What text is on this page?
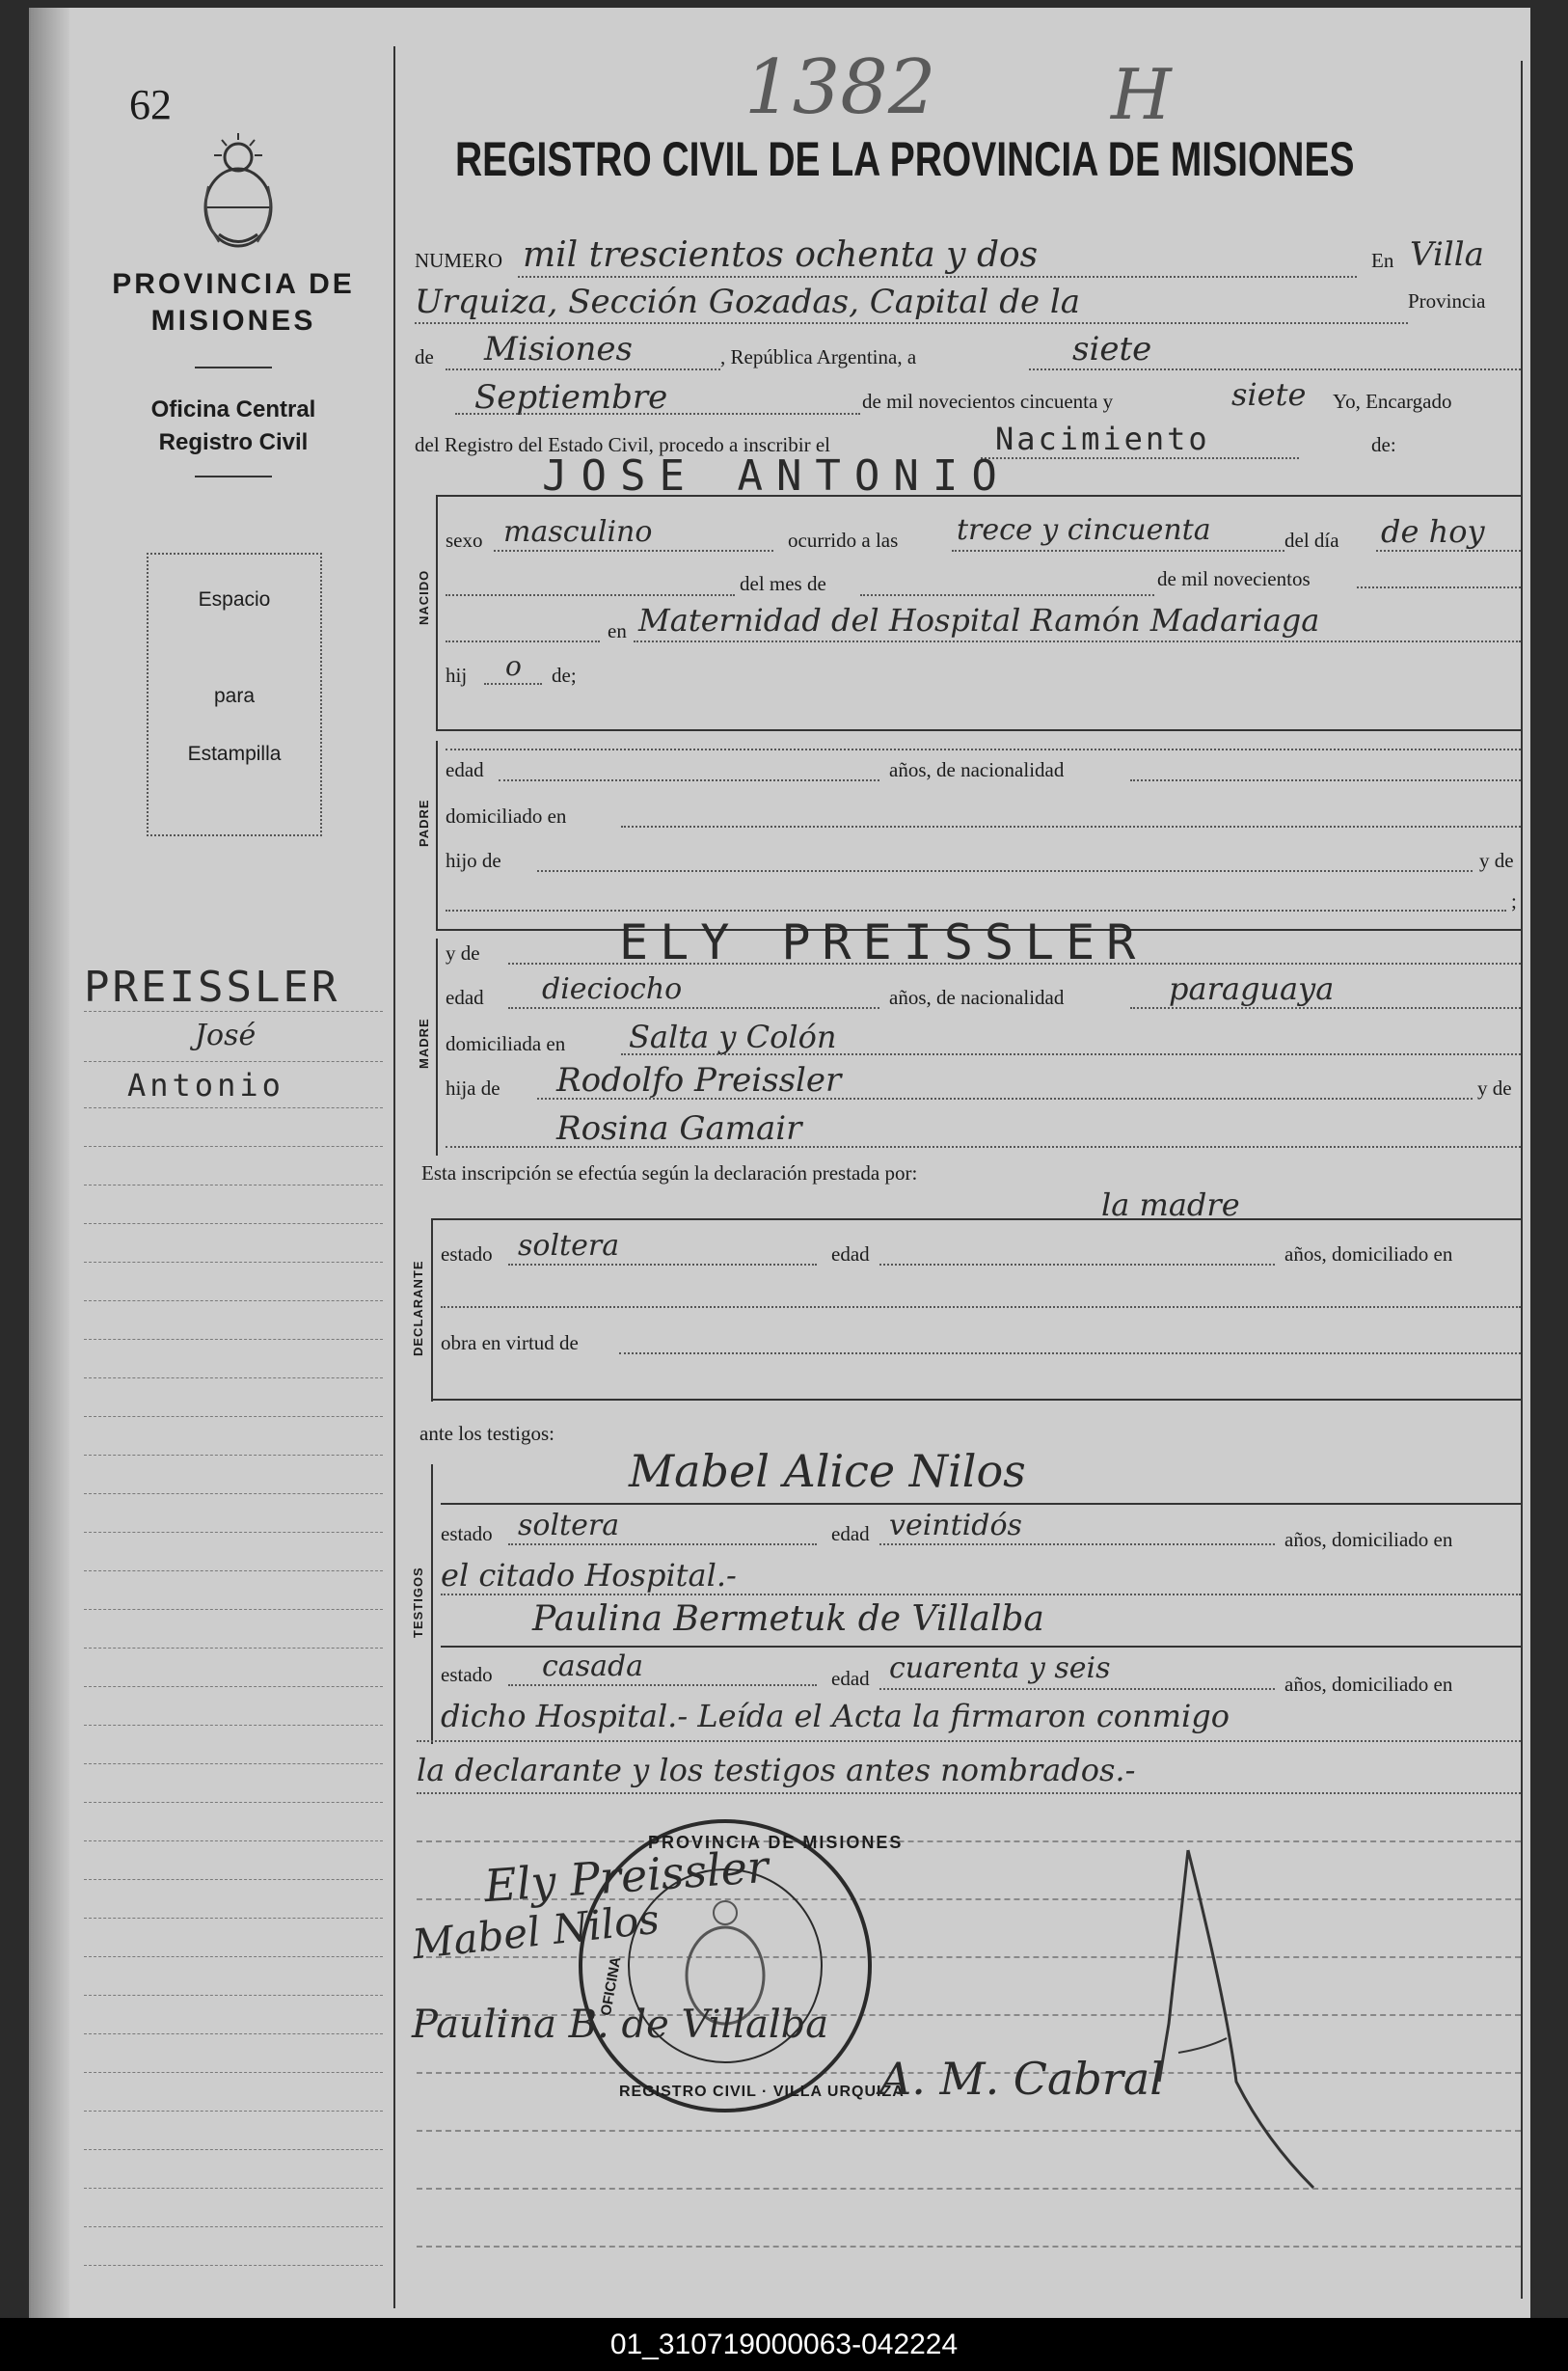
62	1382	H
PROVINCIA DE
MISIONES
Oficina Central
Registro Civil
Espacio
para
Estampilla
PREISSLER
José
Antonio
REGISTRO CIVIL DE LA PROVINCIA DE MISIONES
NUMERO mil trescientos ochenta y dos	En Villa
Urquiza, Sección Gozadas, Capital de la	Provincia
de Misiones	, República Argentina, a	siete
Septiembre	de mil novecientos cincuenta y	siete Yo, Encargado
del Registro del Estado Civil, procedo a inscribir el	Nacimiento	de:
JOSE ANTONIO
NACIDO
sexo masculino	ocurrido a las trece y cincuenta	del día de hoy
del mes de	de mil novecientos
en Maternidad del Hospital Ramón Madariaga
hij o de;
PADRE
edad	años, de nacionalidad
domiciliado en
hijo de	y de
;
MADRE
y de	ELY PREISSLER
edad dieciocho	años, de nacionalidad	paraguaya
domiciliada en Salta y Colón
hija de Rodolfo Preissler	y de
Rosina Gamair
Esta inscripción se efectúa según la declaración prestada por:
la madre
DECLARANTE
estado soltera	edad	años, domiciliado en
obra en virtud de
ante los testigos:
TESTIGOS
Mabel Alice Nilos
estado soltera	edad veintidós	años, domiciliado en
el citado Hospital.-
Paulina Bermetuk de Villalba
estado casada	edad cuarenta y seis	años, domiciliado en
dicho Hospital.- Leída el Acta la firmaron conmigo
la declarante y los testigos antes nombrados.-
PROVINCIA DE MISIONES
REGISTRO CIVIL · VILLA URQUIZA
OFICINA
Ely Preissler
Mabel Nilos
Paulina B. de Villalba
A. M. Cabral
01_310719000063-042224
